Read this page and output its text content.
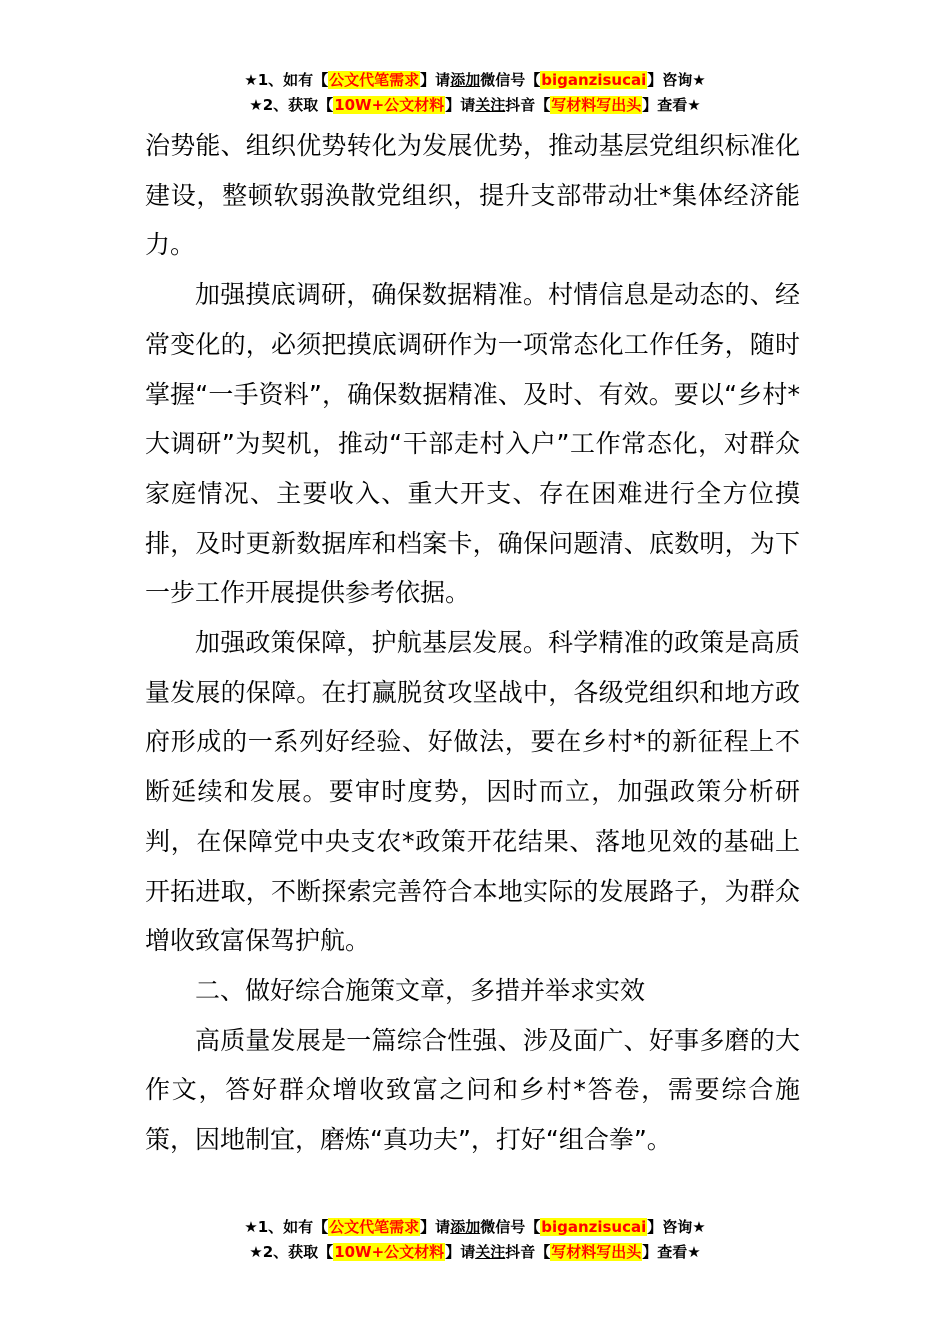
★1、如有【公文代笔需求】请添加微信号【biganzisucai】咨询★
★2、获取【10W+公文材料】请关注抖音【写材料写出头】查看★

治势能、组织优势转化为发展优势，推动基层党组织标准化建设，整顿软弱涣散党组织，提升支部带动壮*集体经济能力。

加强摸底调研，确保数据精准。村情信息是动态的、经常变化的，必须把摸底调研作为一项常态化工作任务，随时掌握“一手资料”，确保数据精准、及时、有效。要以“乡村*大调研”为契机，推动“干部走村入户”工作常态化，对群众家庭情况、主要收入、重大开支、存在困难进行全方位摸排，及时更新数据库和档案卡，确保问题清、底数明，为下一步工作开展提供参考依据。

加强政策保障，护航基层发展。科学精准的政策是高质量发展的保障。在打赢脱贫攻坚战中，各级党组织和地方政府形成的一系列好经验、好做法，要在乡村*的新征程上不断延续和发展。要审时度势，因时而立，加强政策分析研判，在保障党中央支农*政策开花结果、落地见效的基础上开拓进取，不断探索完善符合本地实际的发展路子，为群众增收致富保驾护航。

二、做好综合施策文章，多措并举求实效

高质量发展是一篇综合性强、涉及面广、好事多磨的大作文，答好群众增收致富之问和乡村*答卷，需要综合施策，因地制宜，磨炼“真功夫”，打好“组合拳”。

★1、如有【公文代笔需求】请添加微信号【biganzisucai】咨询★
★2、获取【10W+公文材料】请关注抖音【写材料写出头】查看★
